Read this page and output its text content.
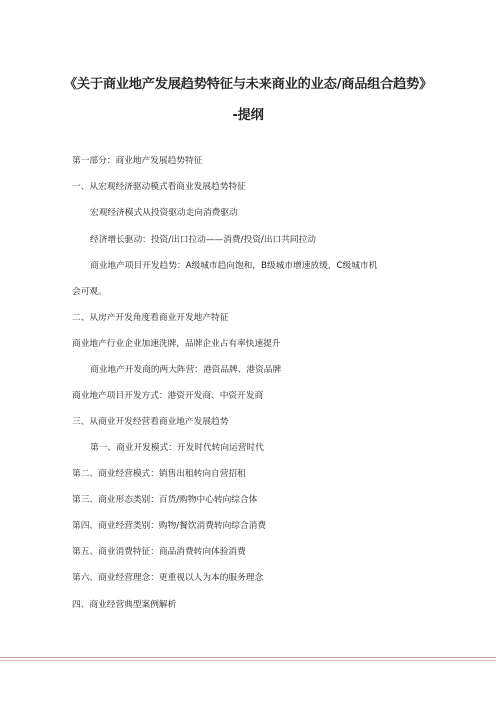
《关于商业地产发展趋势特征与未来商业的业态/商品组合趋势》
-提纲
第一部分：商业地产发展趋势特征
一、从宏观经济驱动模式看商业发展趋势特征
宏观经济模式从投资驱动走向消费驱动
经济增长驱动：投资/出口拉动——消费/投资/出口共同拉动
商业地产项目开发趋势：A级城市趋向饱和，B级城市增速放缓，C级城市机
会可观。
二、从房产开发角度看商业开发地产特征
商业地产行业企业加速洗牌，品牌企业占有率快速提升
商业地产开发商的两大阵营：港资品牌、港资品牌
商业地产项目开发方式：港资开发商、中资开发商
三、从商业开发经营看商业地产发展趋势
第一、商业开发模式：开发时代转向运营时代
第二、商业经营模式：销售出租转向自营招租
第三、商业形态类别：百货/购物中心转向综合体
第四、商业经营类别：购物/餐饮消费转向综合消费
第五、商业消费特征：商品消费转向体验消费
第六、商业经营理念：更重视以人为本的服务理念
四、商业经营典型案例解析
